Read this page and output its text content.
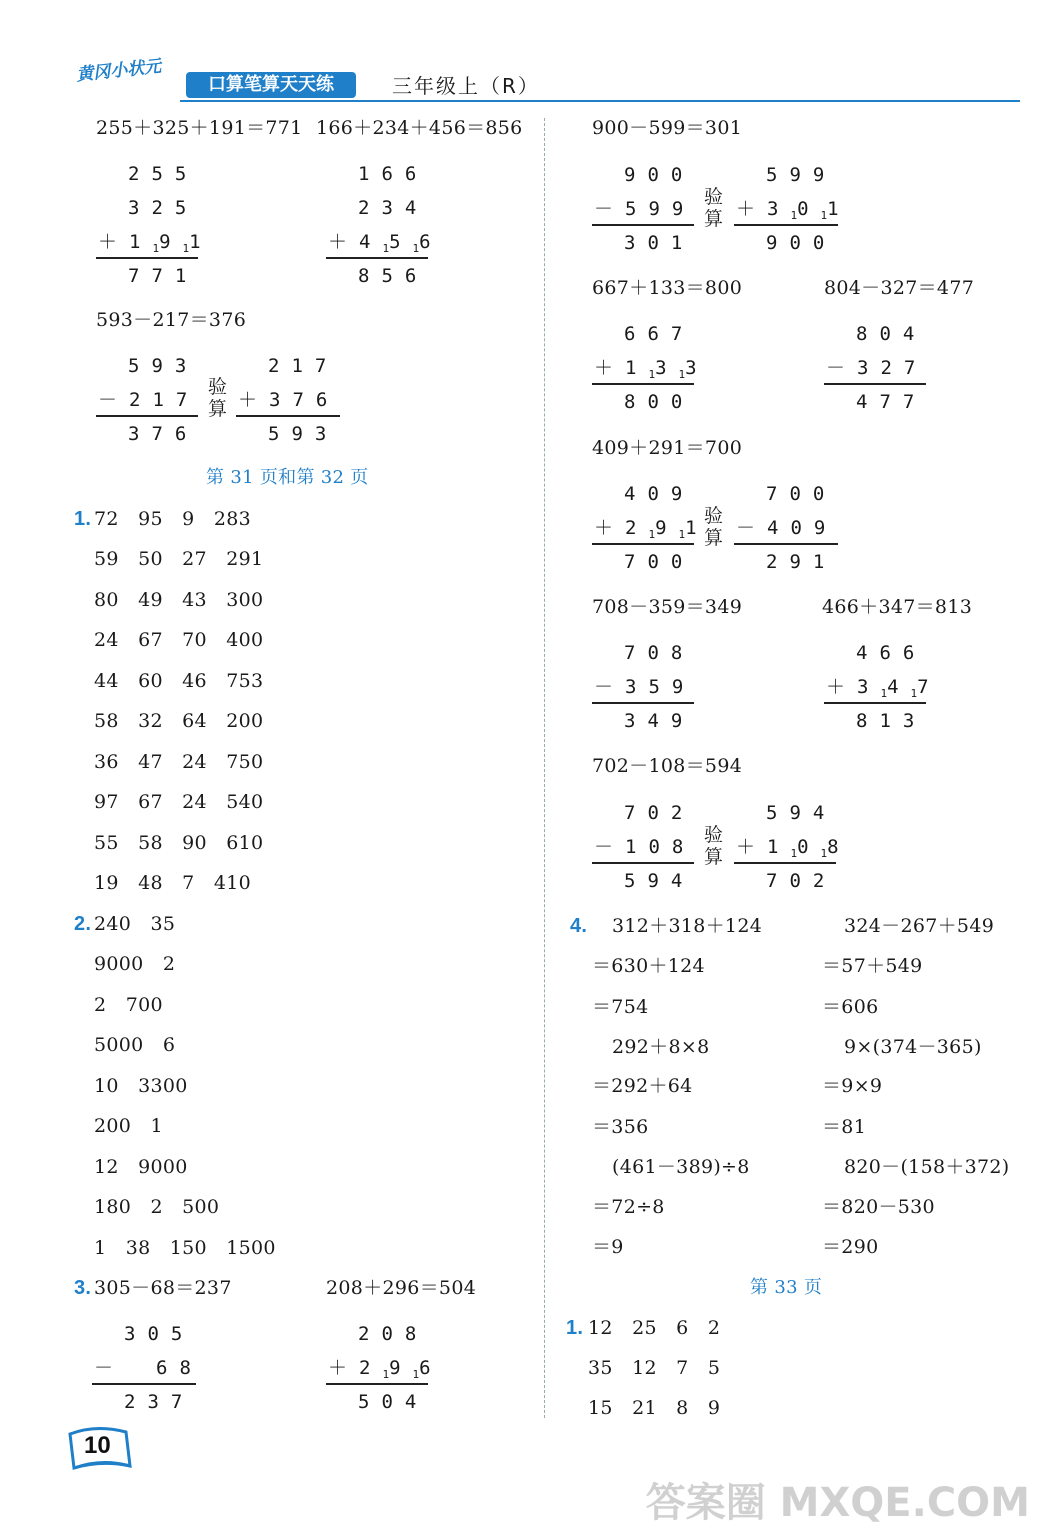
黄冈小状元	口算笔算天天练	三年级上（R）
255＋325＋191＝771 166＋234＋456＝856
255
325
$+1_19_11$
771
166
234
$+4_15_16$
856
593－217＝376
593
－217
376
验算
217
＋376
593
第 31 页和第 32 页
1. 72　95　9　283
59　50　27　291
80　49　43　300
24　67　70　400
44　60　46　753
58　32　64　200
36　47　24　750
97　67　24　540
55　58　90　610
19　48　7　410
2. 240　35
9000　2
2　700
5000　6
10　3300
200　1
12　9000
180　2　500
1　38　150　1500
3. 305－68＝237	208＋296＝504
305
－　68
237
208
$+2_19_16$
504
10
900－599＝301
900
－599
301
验算
599
$+3_10_11$
900
667＋133＝800	804－327＝477
667
$+1_13_13$
800
804
－327
477
409＋291＝700
409
$+2_19_11$
700
验算
700
－409
291
708－359＝349	466＋347＝813
708
－359
349
466
$+3_14_17$
813
702－108＝594
702
－108
594
验算
594
$+1_10_18$
702
4. 312＋318＋124	324－267＋549
＝630＋124	＝57＋549
＝754	＝606
292＋8×8	9×(374－365)
＝292＋64	＝9×9
＝356	＝81
(461－389)÷8	820－(158＋372)
＝72÷8	＝820－530
＝9	＝290
第 33 页
1. 12　25　6　2
35　12　7　5
15　21　8　9
答案圈 MXQE.COM
